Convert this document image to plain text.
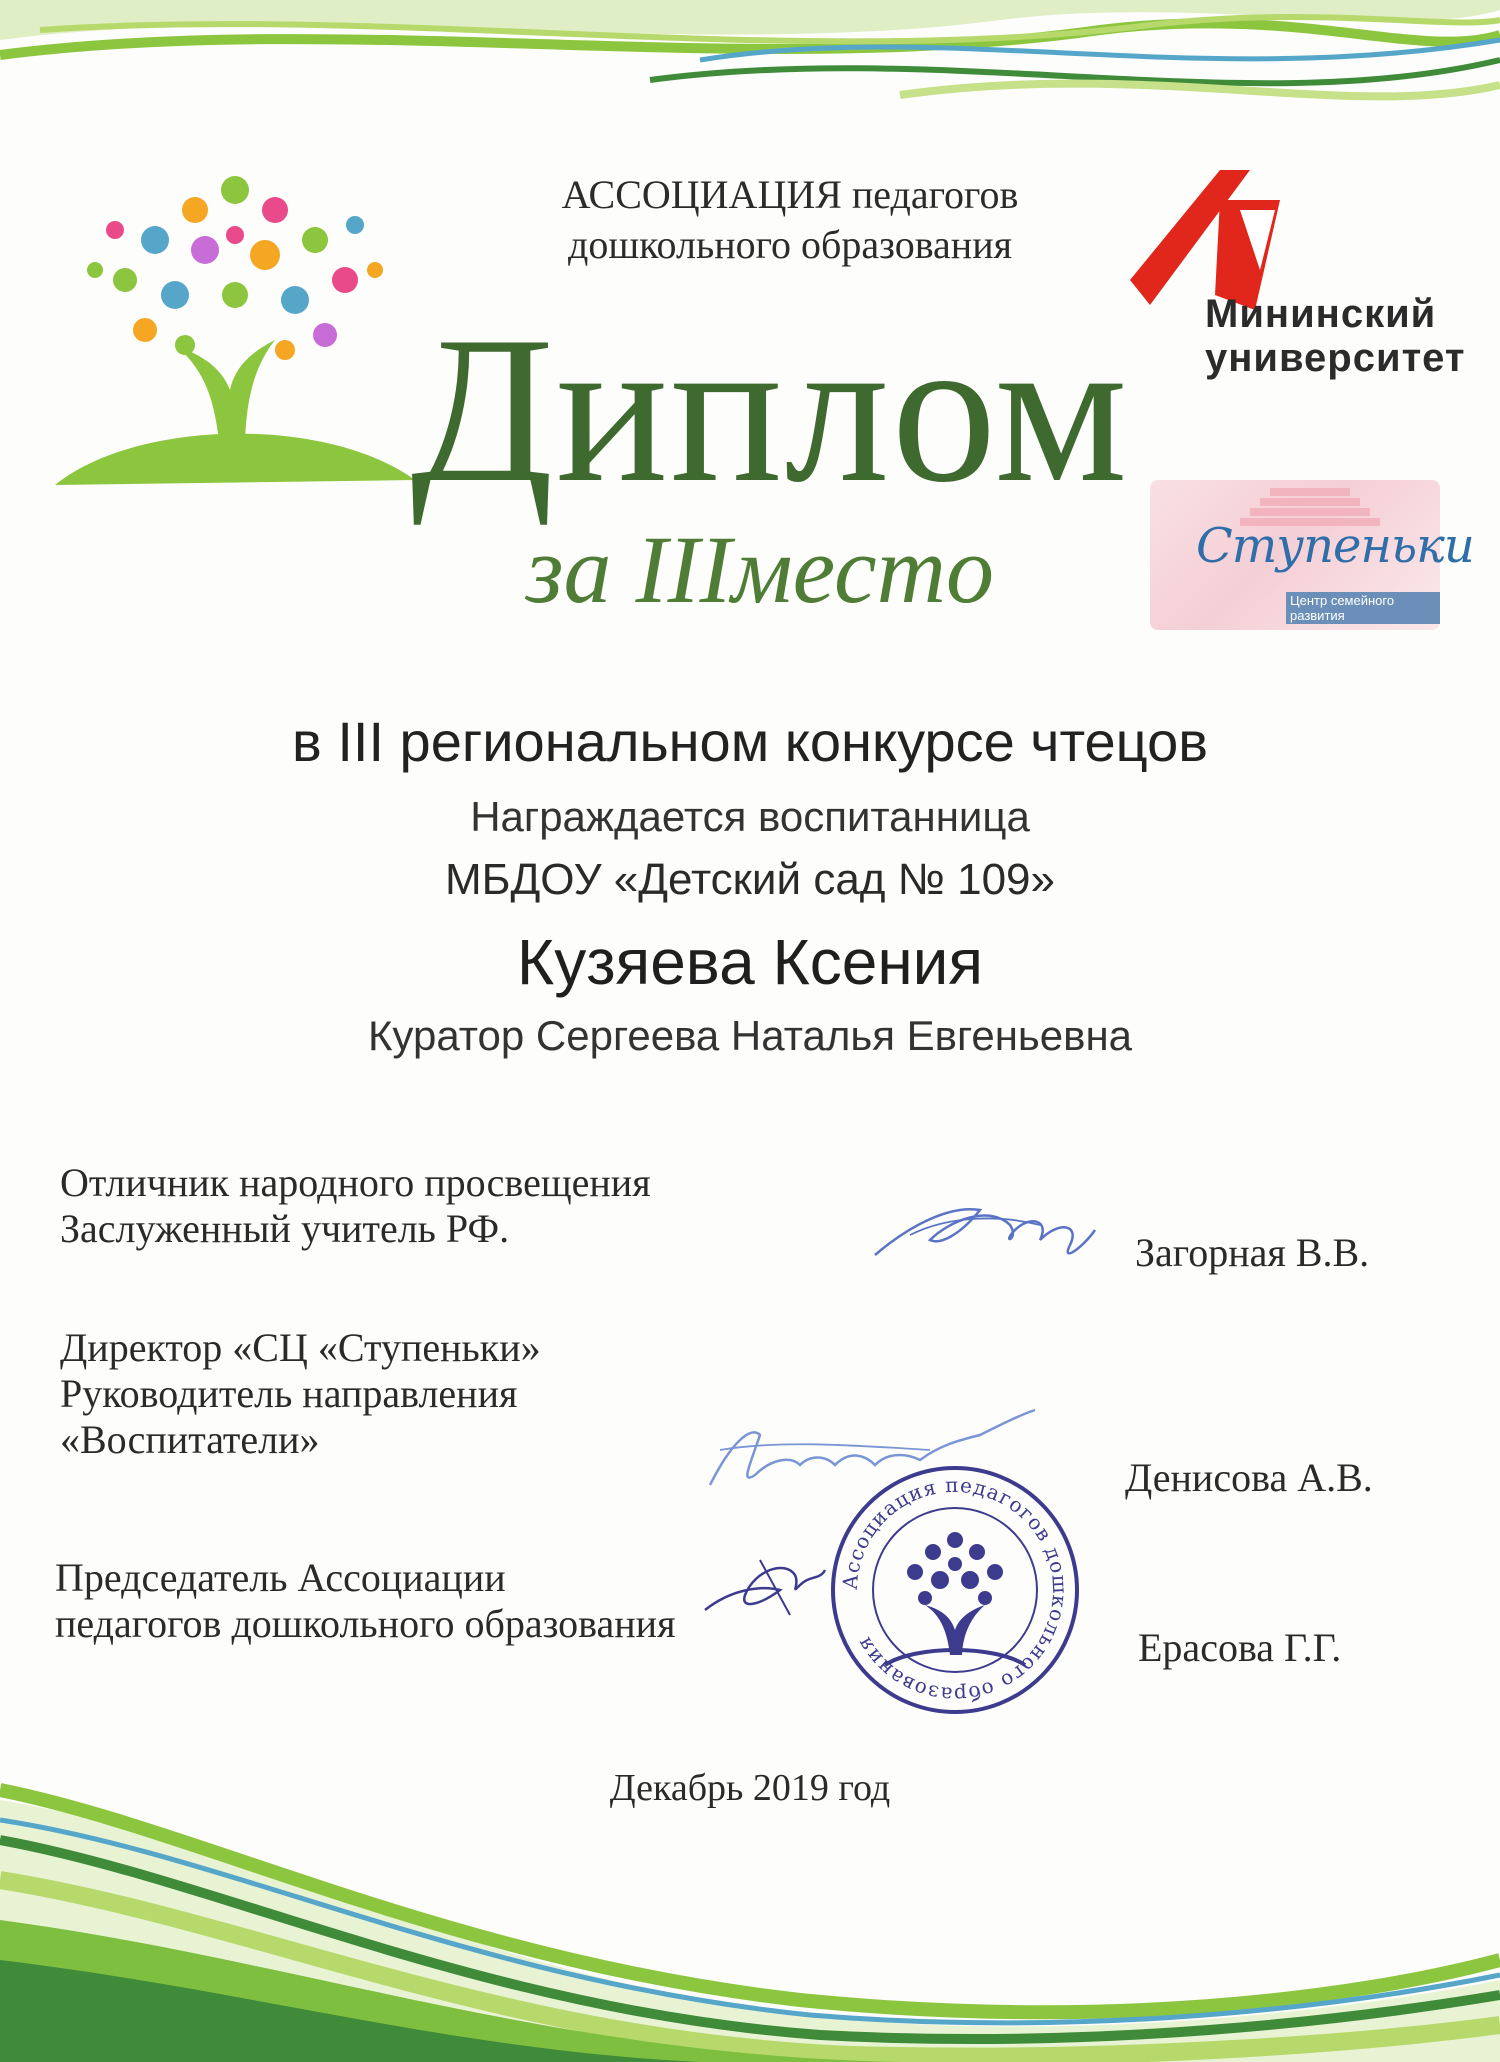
АССОЦИАЦИЯ педагогов
дошкольного образования
Мининский
университет
Ступеньки
Центр семейного развития
Диплом
за IIIместо
в III региональном конкурсе чтецов
Награждается воспитанница
МБДОУ «Детский сад № 109»
Кузяева Ксения
Куратор Сергеева Наталья Евгеньевна
Отличник народного просвещения
Заслуженный учитель РФ.
Загорная В.В.
Директор «СЦ «Ступеньки»
Руководитель направления
«Воспитатели»
Денисова А.В.
Председатель Ассоциации
педагогов дошкольного образования
Ерасова Г.Г.
Ассоциация педагогов дошкольного образования
Декабрь 2019 год
